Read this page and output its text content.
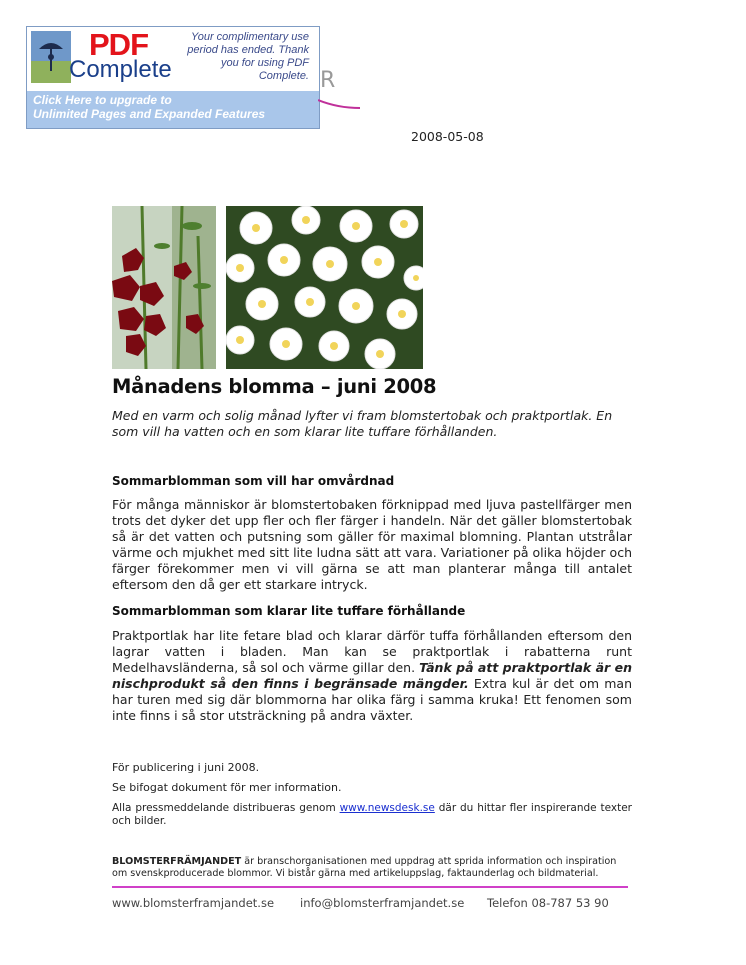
PDF
Complete
Your complimentary use period has ended. Thank you for using PDF Complete.
Click Here to upgrade to
Unlimited Pages and Expanded Features
R
2008-05-08
Månadens blomma – juni 2008
Med en varm och solig månad lyfter vi fram blomstertobak och praktportlak. En som vill ha vatten och en som klarar lite tuffare förhållanden.
Sommarblomman som vill har omvårdnad
För många människor är blomstertobaken förknippad med ljuva pastellfärger men trots det dyker det upp fler och fler färger i handeln. När det gäller blomstertobak så är det vatten och putsning som gäller för maximal blomning. Plantan utstrålar värme och mjukhet med sitt lite ludna sätt att vara. Variationer på olika höjder och färger förekommer men vi vill gärna se att man planterar många till antalet eftersom den då ger ett starkare intryck.
Sommarblomman som klarar lite tuffare förhållande
Praktportlak har lite fetare blad och klarar därför tuffa förhållanden eftersom den lagrar vatten i bladen. Man kan se praktportlak i rabatterna runt Medelhavsländerna, så sol och värme gillar den. Tänk på att praktportlak är en nischprodukt så den finns i begränsade mängder. Extra kul är det om man har turen med sig där blommorna har olika färg i samma kruka! Ett fenomen som inte finns i så stor utsträckning på andra växter.
För publicering i juni 2008.
Se bifogat dokument för mer information.
Alla pressmeddelande distribueras genom www.newsdesk.se där du hittar fler inspirerande texter och bilder.
BLOMSTERFRÄMJANDET är branschorganisationen med uppdrag att sprida information och inspiration om svenskproducerade blommor. Vi bistår gärna med artikeluppslag, faktaunderlag och bildmaterial.
www.blomsterframjandet.se info@blomsterframjandet.se Telefon 08-787 53 90
